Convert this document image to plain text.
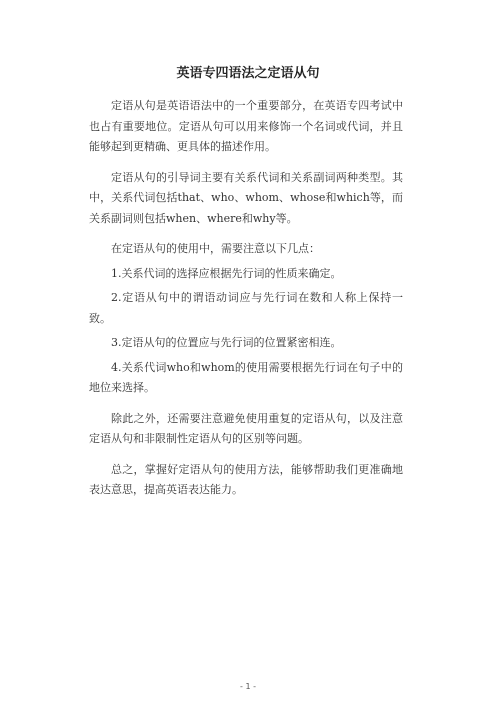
英语专四语法之定语从句

定语从句是英语语法中的一个重要部分，在英语专四考试中也占有重要地位。定语从句可以用来修饰一个名词或代词，并且能够起到更精确、更具体的描述作用。

定语从句的引导词主要有关系代词和关系副词两种类型。其中，关系代词包括that、who、whom、whose和which等，而关系副词则包括when、where和why等。

在定语从句的使用中，需要注意以下几点：

1.关系代词的选择应根据先行词的性质来确定。

2.定语从句中的谓语动词应与先行词在数和人称上保持一致。

3.定语从句的位置应与先行词的位置紧密相连。

4.关系代词who和whom的使用需要根据先行词在句子中的地位来选择。

除此之外，还需要注意避免使用重复的定语从句，以及注意定语从句和非限制性定语从句的区别等问题。

总之，掌握好定语从句的使用方法，能够帮助我们更准确地表达意思，提高英语表达能力。

- 1 -
